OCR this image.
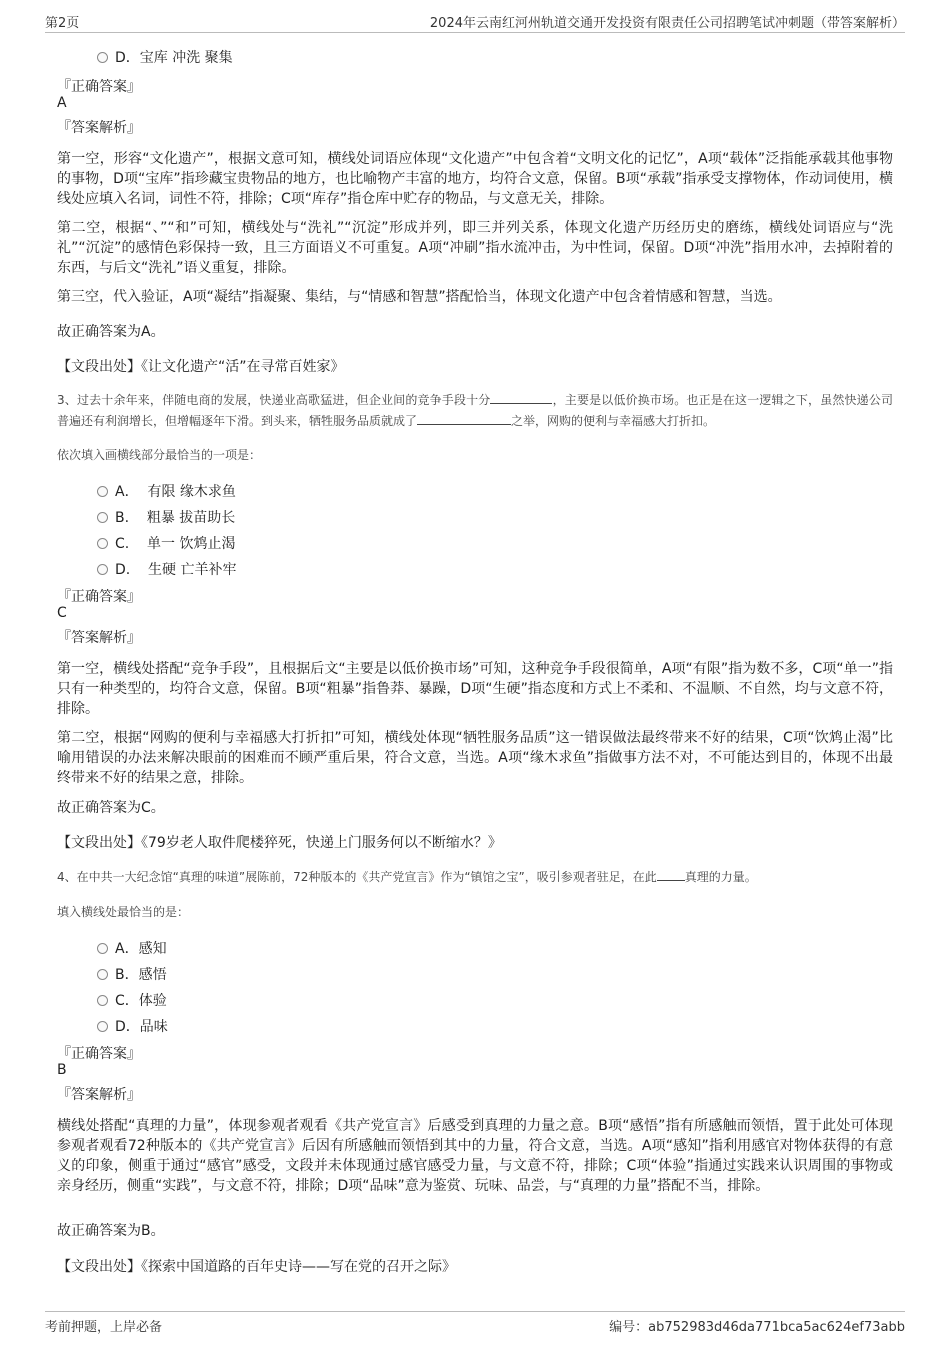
第2页	2024年云南红河州轨道交通开发投资有限责任公司招聘笔试冲刺题（带答案解析）
D．宝库 冲洗 聚集
『正确答案』
A
『答案解析』
第一空，形容“文化遗产”，根据文意可知，横线处词语应体现“文化遗产”中包含着“文明文化的记忆”，A项“载体”泛指能承载其他事物的事物，D项“宝库”指珍藏宝贵物品的地方，也比喻物产丰富的地方，均符合文意，保留。B项“承载”指承受支撑物体，作动词使用，横线处应填入名词，词性不符，排除；C项“库存”指仓库中贮存的物品，与文意无关，排除。
第二空，根据“、”“和”可知，横线处与“洗礼”“沉淀”形成并列，即三并列关系，体现文化遗产历经历史的磨练，横线处词语应与“洗礼”“沉淀”的感情色彩保持一致，且三方面语义不可重复。A项“冲刷”指水流冲击，为中性词，保留。D项“冲洗”指用水冲，去掉附着的东西，与后文“洗礼”语义重复，排除。
第三空，代入验证，A项“凝结”指凝聚、集结，与“情感和智慧”搭配恰当，体现文化遗产中包含着情感和智慧，当选。
故正确答案为A。
【文段出处】《让文化遗产“活”在寻常百姓家》
3、过去十余年来，伴随电商的发展，快递业高歌猛进，但企业间的竞争手段十分	，主要是以低价换市场。也正是在这一逻辑之下，虽然快递公司普遍还有利润增长，但增幅逐年下滑。到头来，牺牲服务品质就成了	之举，网购的便利与幸福感大打折扣。
依次填入画横线部分最恰当的一项是：
A．  有限 缘木求鱼
B.    粗暴 拔苗助长
C.    单一 饮鸩止渴
D.    生硬 亡羊补牢
『正确答案』
C
『答案解析』
第一空，横线处搭配“竞争手段”，且根据后文“主要是以低价换市场”可知，这种竞争手段很简单，A项“有限”指为数不多，C项“单一”指只有一种类型的，均符合文意，保留。B项“粗暴”指鲁莽、暴躁，D项“生硬”指态度和方式上不柔和、不温顺、不自然，均与文意不符，排除。
第二空，根据“网购的便利与幸福感大打折扣”可知，横线处体现“牺牲服务品质”这一错误做法最终带来不好的结果，C项“饮鸩止渴”比喻用错误的办法来解决眼前的困难而不顾严重后果，符合文意，当选。A项“缘木求鱼”指做事方法不对，不可能达到目的，体现不出最终带来不好的结果之意，排除。
故正确答案为C。
【文段出处】《79岁老人取件爬楼猝死，快递上门服务何以不断缩水？》
4、在中共一大纪念馆“真理的味道”展陈前，72种版本的《共产党宣言》作为“镇馆之宝”，吸引参观者驻足，在此 真理的力量。
填入横线处最恰当的是：
A．感知
B．感悟
C．体验
D．品味
『正确答案』
B
『答案解析』
横线处搭配“真理的力量”，体现参观者观看《共产党宣言》后感受到真理的力量之意。B项“感悟”指有所感触而领悟，置于此处可体现参观者观看72种版本的《共产党宣言》后因有所感触而领悟到其中的力量，符合文意，当选。A项“感知”指利用感官对物体获得的有意义的印象，侧重于通过“感官”感受，文段并未体现通过感官感受力量，与文意不符，排除；C项“体验”指通过实践来认识周围的事物或亲身经历，侧重“实践”，与文意不符，排除；D项“品味”意为鉴赏、玩味、品尝，与“真理的力量”搭配不当，排除。
故正确答案为B。
【文段出处】《探索中国道路的百年史诗——写在党的召开之际》
考前押题，上岸必备	编号：ab752983d46da771bca5ac624ef73abb
